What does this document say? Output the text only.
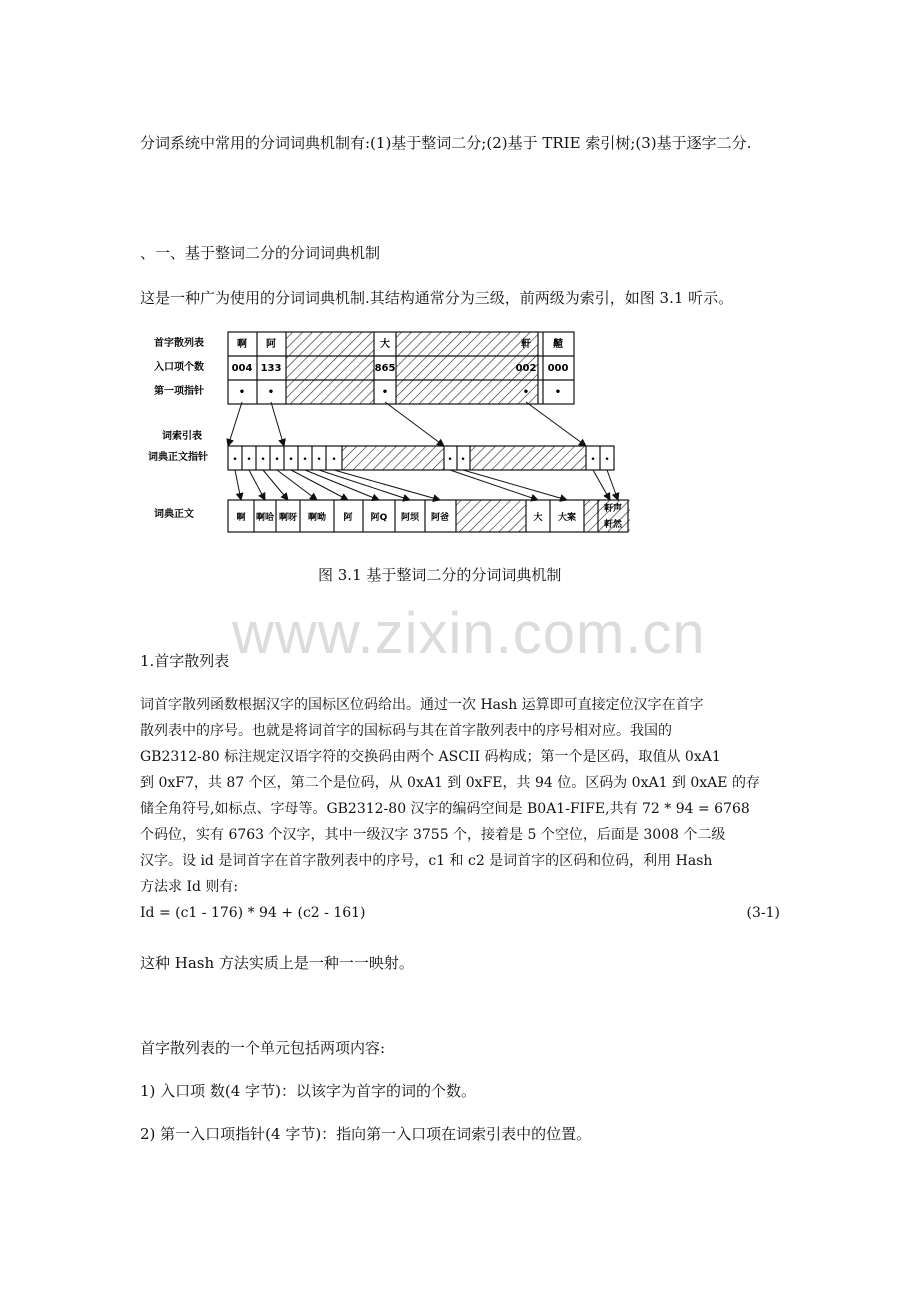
分词系统中常用的分词词典机制有:(1)基于整词二分;(2)基于 TRIE 索引树;(3)基于逐字二分.

、一、基于整词二分的分词词典机制

这是一种广为使用的分词词典机制.其结构通常分为三级，前两级为索引，如图 3.1 听示。

首字散列表
入口项个数
第一项指针
词索引表
词典正文指针
词典正文
啊 阿	大	軒 齄
004 133	865	002 000
• •	•	•	•
• • • • • • • •	• •	• •
啊 啊哈 啊呀 啊呦 阿 阿Q 阿坝 阿爸	大 大案
軒声
軒然
图 3.1 基于整词二分的分词词典机制
www.zixin.com.cn

1.首字散列表

词首字散列函数根据汉字的国标区位码给出。通过一次 Hash 运算即可直接定位汉字在首字
散列表中的序号。也就是将词首字的国标码与其在首字散列表中的序号相对应。我国的
GB2312-80 标注规定汉语字符的交换码由两个 ASCII 码构成；第一个是区码，取值从 0xA1
到 0xF7，共 87 个区，第二个是位码，从 0xA1 到 0xFE，共 94 位。区码为 0xA1 到 0xAE 的存
储全角符号,如标点、字母等。GB2312-80 汉字的编码空间是 B0A1-FIFE,共有 72 * 94 = 6768
个码位，实有 6763 个汉字，其中一级汉字 3755 个，接着是 5 个空位，后面是 3008 个二级
汉字。设 id 是词首字在首字散列表中的序号，c1 和 c2 是词首字的区码和位码，利用 Hash
方法求 Id 则有:
Id = (c1 - 176) * 94 + (c2 - 161)	(3-1)

这种 Hash 方法实质上是一种一一映射。

首字散列表的一个单元包括两项内容:

1) 入口项 数(4 字节)：以该字为首字的词的个数。

2) 第一入口项指针(4 字节)：指向第一入口项在词索引表中的位置。
